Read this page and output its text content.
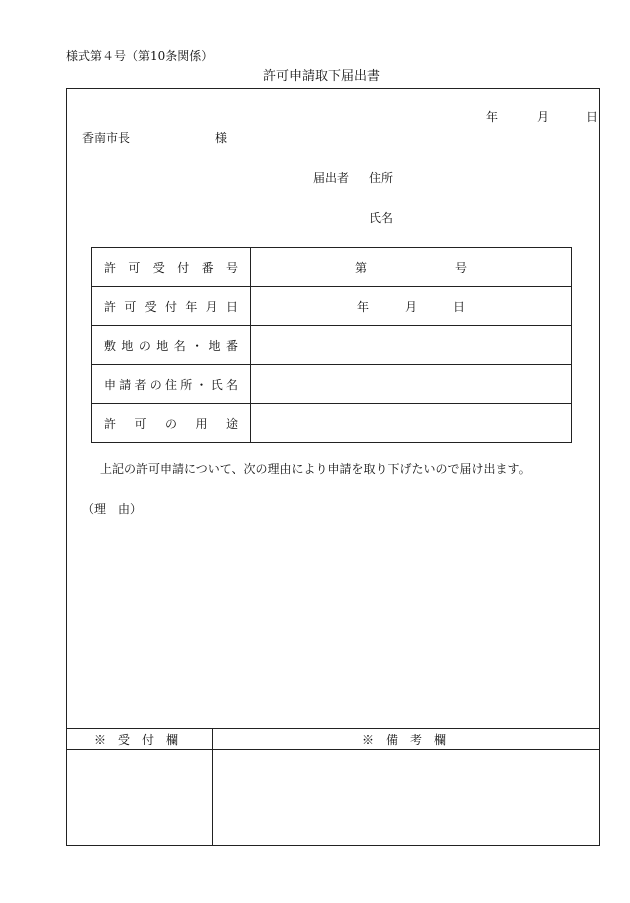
様式第４号（第10条関係）
許可申請取下届出書
年	月	日
香南市長	様
届出者 住所
氏名
許可受付番号	第 号
許可受付年月日	年 月 日
敷地の地名・地番	
申請者の住所・氏名	
許可の用途	
上記の許可申請について、次の理由により申請を取り下げたいので届け出ます。
（理　由）
※　受　付　欄	※　備　考　欄
